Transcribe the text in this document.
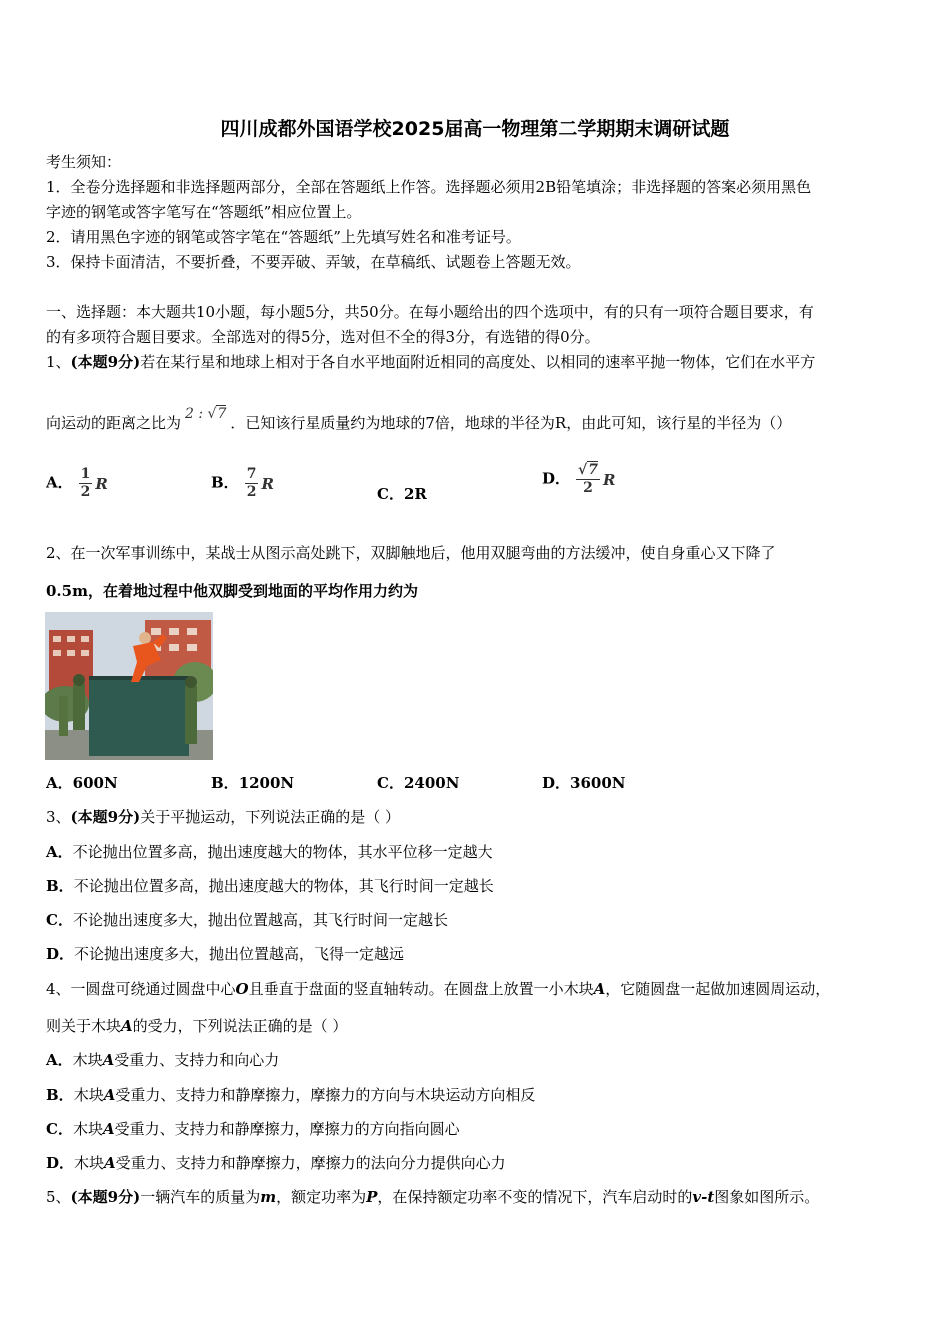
四川成都外国语学校2025届高一物理第二学期期末调研试题
考生须知：
1．全卷分选择题和非选择题两部分，全部在答题纸上作答。选择题必须用2B铅笔填涂；非选择题的答案必须用黑色
字迹的钢笔或答字笔写在“答题纸”相应位置上。
2．请用黑色字迹的钢笔或答字笔在“答题纸”上先填写姓名和准考证号。
3．保持卡面清洁，不要折叠，不要弄破、弄皱，在草稿纸、试题卷上答题无效。
一、选择题：本大题共10小题，每小题5分，共50分。在每小题给出的四个选项中，有的只有一项符合题目要求，有
的有多项符合题目要求。全部选对的得5分，选对但不全的得3分，有选错的得0分。
1、(本题9分)若在某行星和地球上相对于各自水平地面附近相同的高度处、以相同的速率平抛一物体，它们在水平方
向运动的距离之比为 2 : √7 ．已知该行星质量约为地球的7倍，地球的半径为R，由此可知，该行星的半径为（）
A． $\frac{1}{2}$ R	B． $\frac{7}{2}$ R
C．2R
D． $\frac{√7}{2}$ R
2、在一次军事训练中，某战士从图示高处跳下，双脚触地后，他用双腿弯曲的方法缓冲，使自身重心又下降了
0.5m，在着地过程中他双脚受到地面的平均作用力约为
A．600N	B．1200N	C．2400N	D．3600N
3、(本题9分)关于平抛运动，下列说法正确的是（ ）
A．不论抛出位置多高，抛出速度越大的物体，其水平位移一定越大
B．不论抛出位置多高，抛出速度越大的物体，其飞行时间一定越长
C．不论抛出速度多大，抛出位置越高，其飞行时间一定越长
D．不论抛出速度多大，抛出位置越高，飞得一定越远
4、一圆盘可绕通过圆盘中心O且垂直于盘面的竖直轴转动。在圆盘上放置一小木块A，它随圆盘一起做加速圆周运动，
则关于木块A的受力，下列说法正确的是（ ）
A．木块A受重力、支持力和向心力
B．木块A受重力、支持力和静摩擦力，摩擦力的方向与木块运动方向相反
C．木块A受重力、支持力和静摩擦力，摩擦力的方向指向圆心
D．木块A受重力、支持力和静摩擦力，摩擦力的法向分力提供向心力
5、(本题9分)一辆汽车的质量为m，额定功率为P，在保持额定功率不变的情况下，汽车启动时的v-t图象如图所示。
